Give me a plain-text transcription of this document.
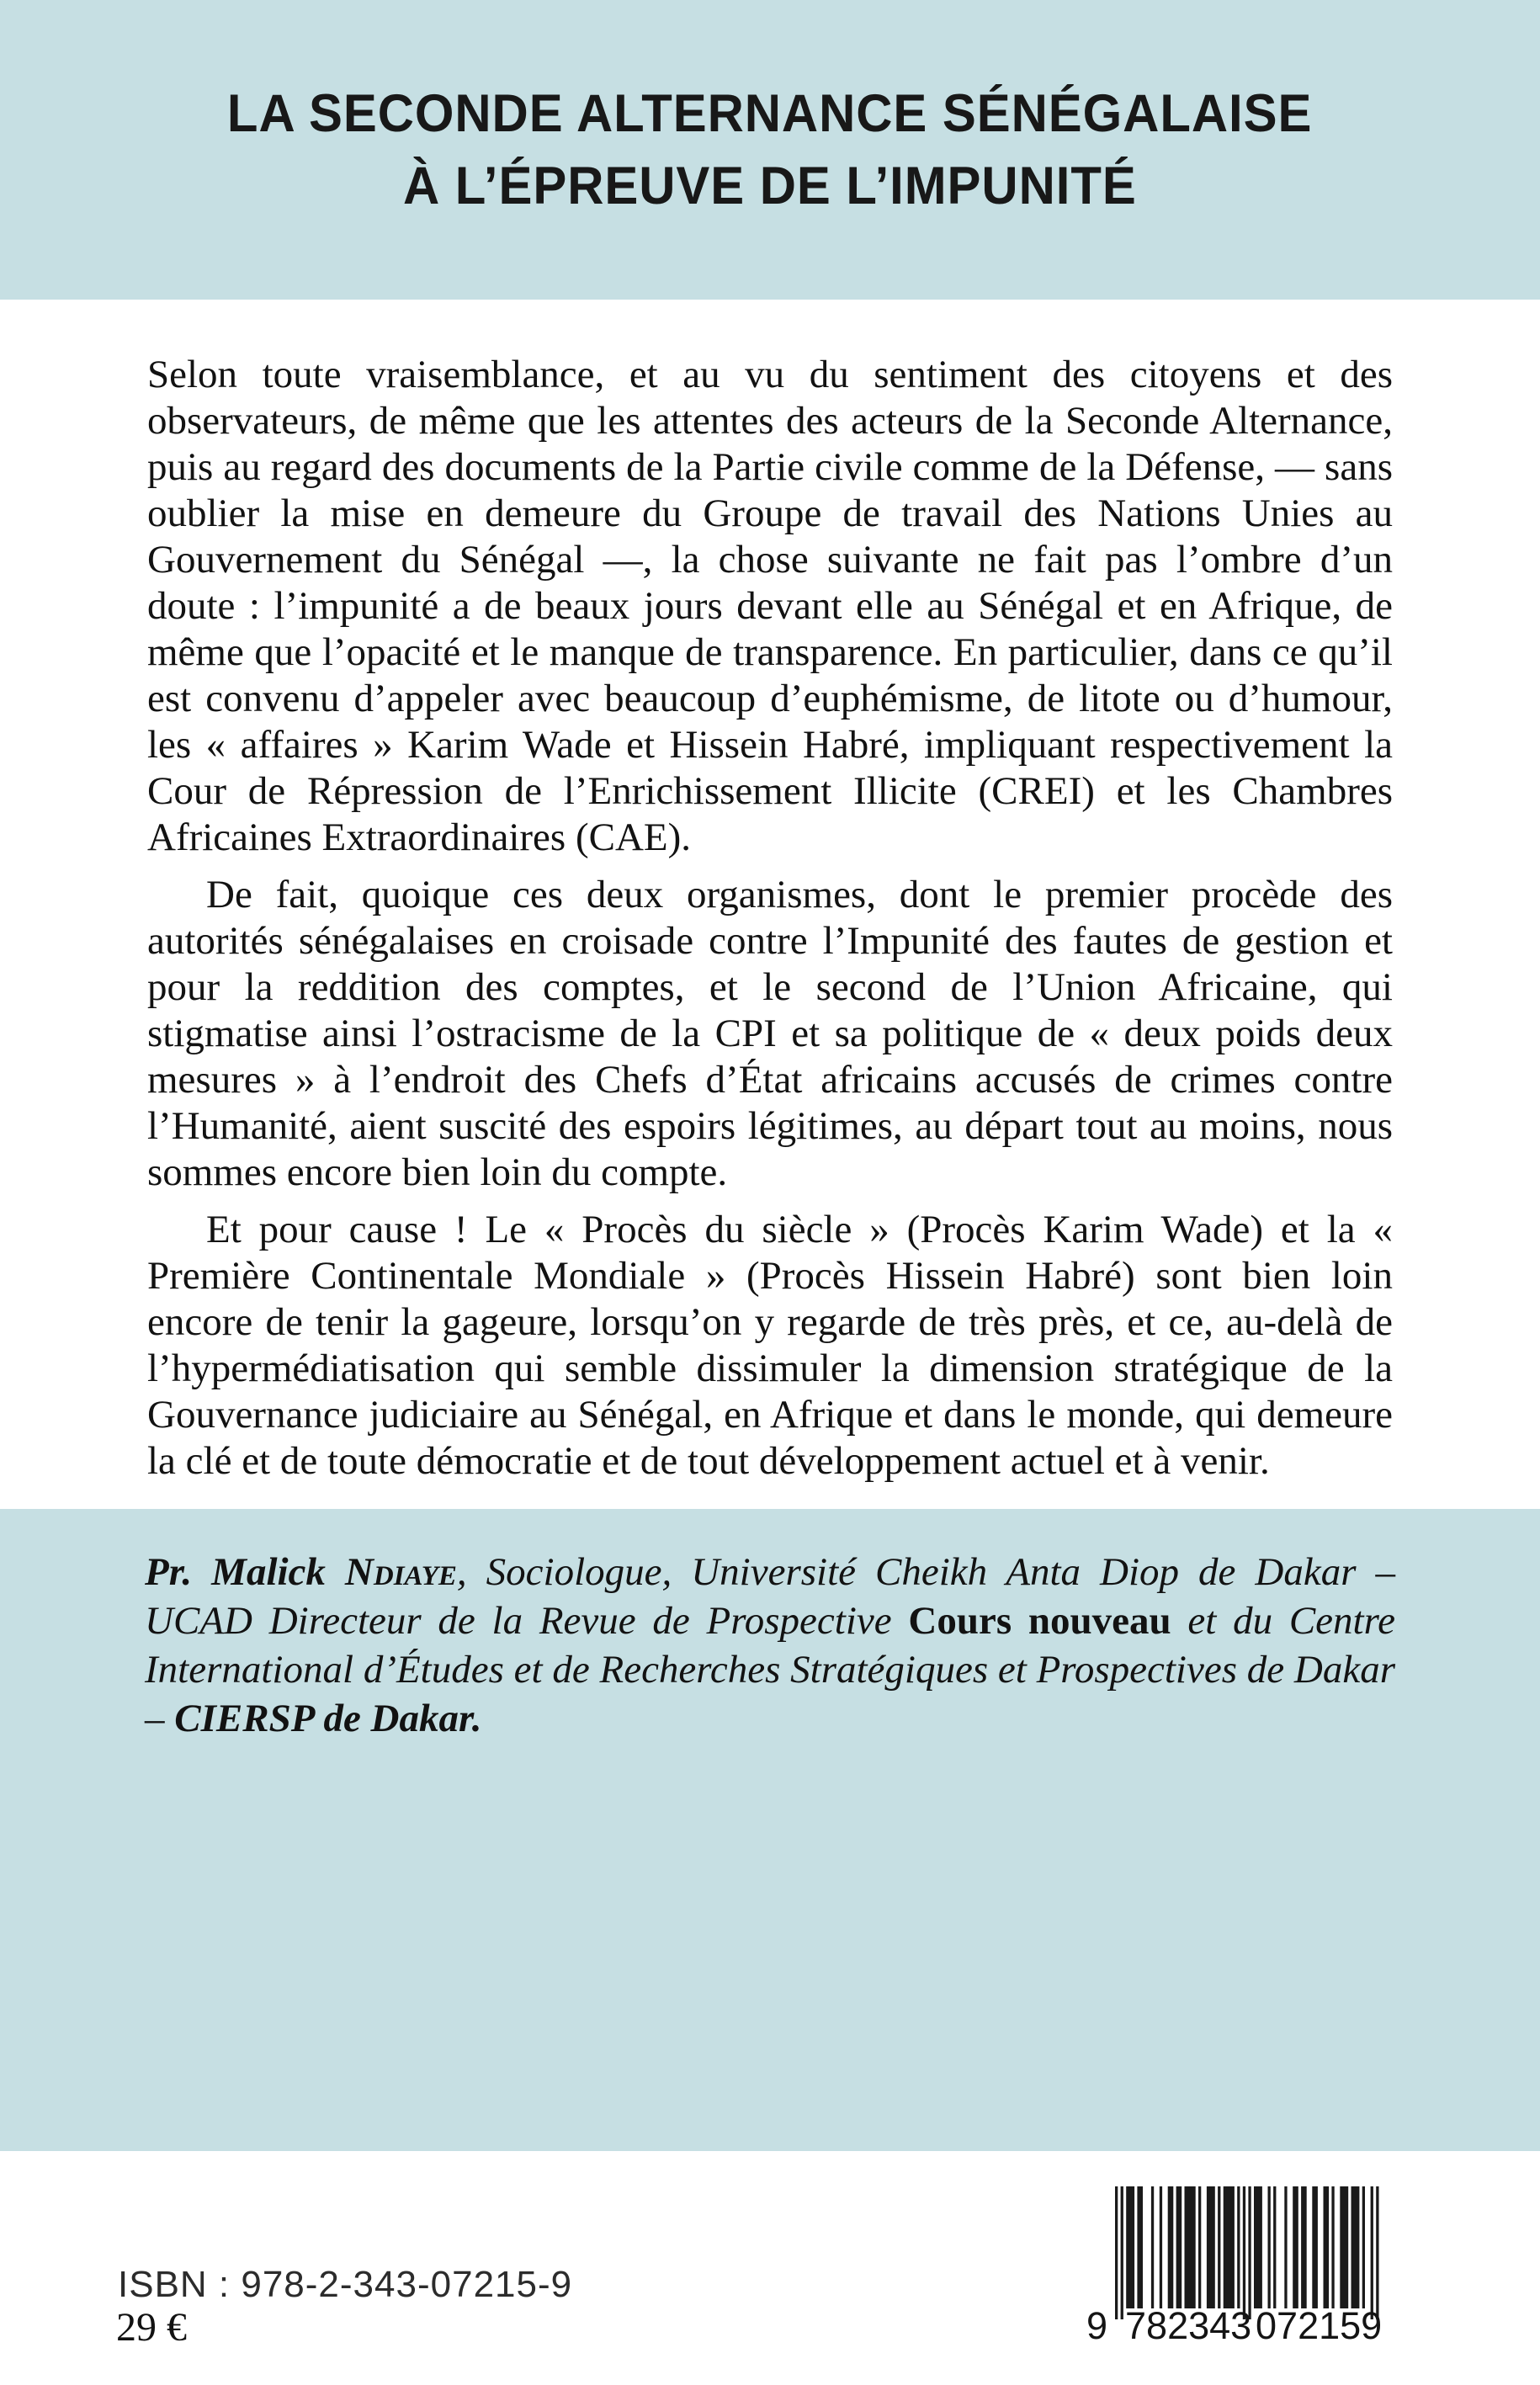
LA SECONDE ALTERNANCE SÉNÉGALAISE
À L’ÉPREUVE DE L’IMPUNITÉ

Selon toute vraisemblance, et au vu du sentiment des citoyens et des observateurs, de même que les attentes des acteurs de la Seconde Alternance, puis au regard des documents de la Partie civile comme de la Défense, — sans oublier la mise en demeure du Groupe de travail des Nations Unies au Gouvernement du Sénégal —, la chose suivante ne fait pas l’ombre d’un doute : l’impunité a de beaux jours devant elle au Sénégal et en Afrique, de même que l’opacité et le manque de transparence. En particulier, dans ce qu’il est convenu d’appeler avec beaucoup d’euphémisme, de litote ou d’humour, les « affaires » Karim Wade et Hissein Habré, impliquant respectivement la Cour de Répression de l’Enrichissement Illicite (CREI) et les Chambres Africaines Extraordinaires (CAE).

De fait, quoique ces deux organismes, dont le premier procède des autorités sénégalaises en croisade contre l’Impunité des fautes de gestion et pour la reddition des comptes, et le second de l’Union Africaine, qui stigmatise ainsi l’ostracisme de la CPI et sa politique de « deux poids deux mesures » à l’endroit des Chefs d’État africains accusés de crimes contre l’Humanité, aient suscité des espoirs légitimes, au départ tout au moins, nous sommes encore bien loin du compte.

Et pour cause ! Le « Procès du siècle » (Procès Karim Wade) et la « Première Continentale Mondiale » (Procès Hissein Habré) sont bien loin encore de tenir la gageure, lorsqu’on y regarde de très près, et ce, au-delà de l’hypermédiatisation qui semble dissimuler la dimension stratégique de la Gouvernance judiciaire au Sénégal, en Afrique et dans le monde, qui demeure la clé et de toute démocratie et de tout développement actuel et à venir.

Pr. Malick Ndiaye, Sociologue, Université Cheikh Anta Diop de Dakar – UCAD Directeur de la Revue de Prospective Cours nouveau et du Centre International d’Études et de Recherches Stratégiques et Prospectives de Dakar – CIERSP de Dakar.

ISBN : 978-2-343-07215-9
29 €	9 7 8 2 3 4 3 0 7 2 1 5 9
